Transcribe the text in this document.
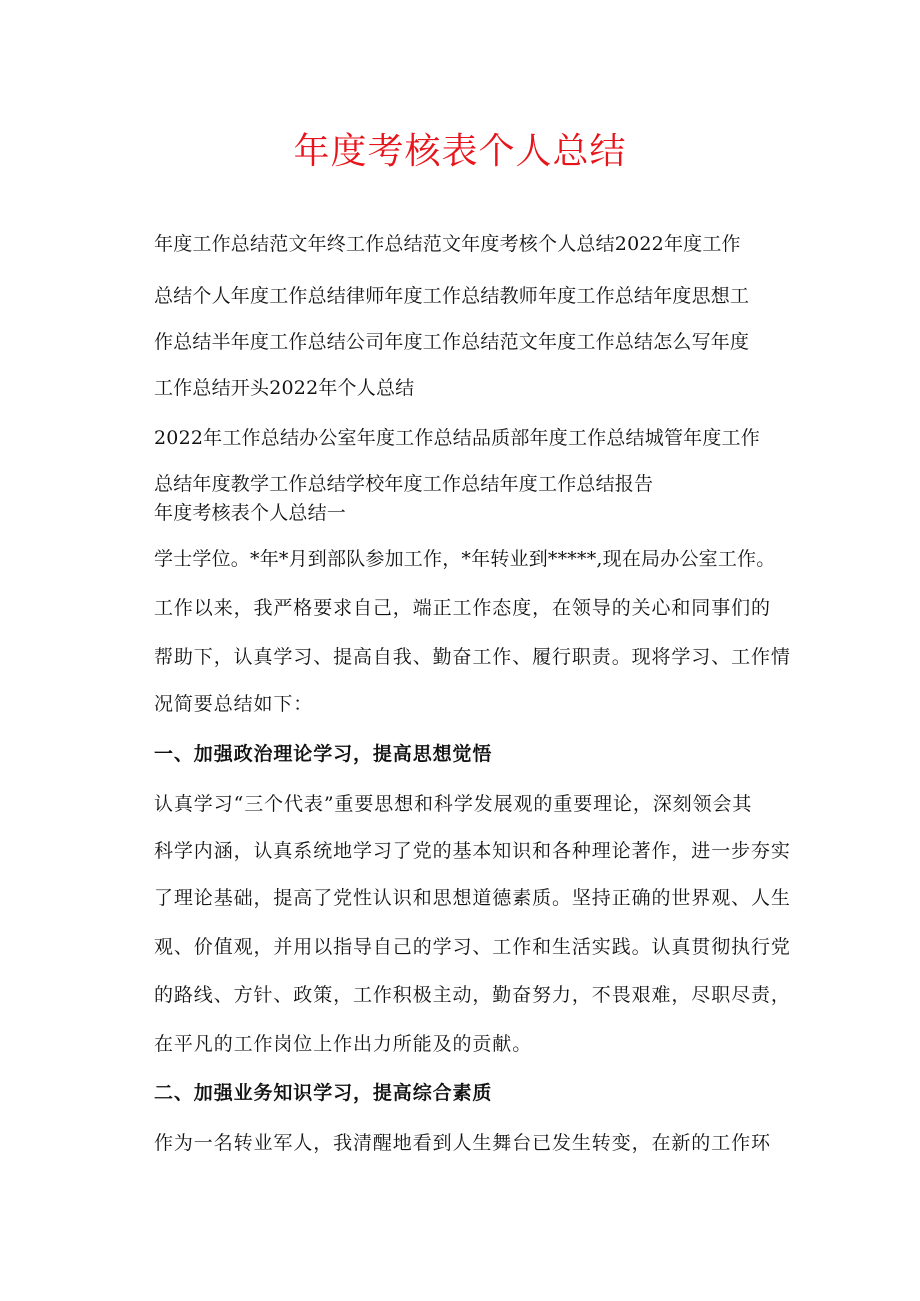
年度考核表个人总结
年度工作总结范文年终工作总结范文年度考核个人总结2022年度工作
总结个人年度工作总结律师年度工作总结教师年度工作总结年度思想工
作总结半年度工作总结公司年度工作总结范文年度工作总结怎么写年度
工作总结开头2022年个人总结
2022年工作总结办公室年度工作总结品质部年度工作总结城管年度工作
总结年度教学工作总结学校年度工作总结年度工作总结报告
年度考核表个人总结一
学士学位。*年*月到部队参加工作，*年转业到*****,现在局办公室工作。
工作以来，我严格要求自己，端正工作态度，在领导的关心和同事们的
帮助下，认真学习、提高自我、勤奋工作、履行职责。现将学习、工作情
况简要总结如下：
一、加强政治理论学习，提高思想觉悟
认真学习“三个代表”重要思想和科学发展观的重要理论，深刻领会其
科学内涵，认真系统地学习了党的基本知识和各种理论著作，进一步夯实
了理论基础，提高了党性认识和思想道德素质。坚持正确的世界观、人生
观、价值观，并用以指导自己的学习、工作和生活实践。认真贯彻执行党
的路线、方针、政策，工作积极主动，勤奋努力，不畏艰难，尽职尽责，
在平凡的工作岗位上作出力所能及的贡献。
二、加强业务知识学习，提高综合素质
作为一名转业军人，我清醒地看到人生舞台已发生转变，在新的工作环
